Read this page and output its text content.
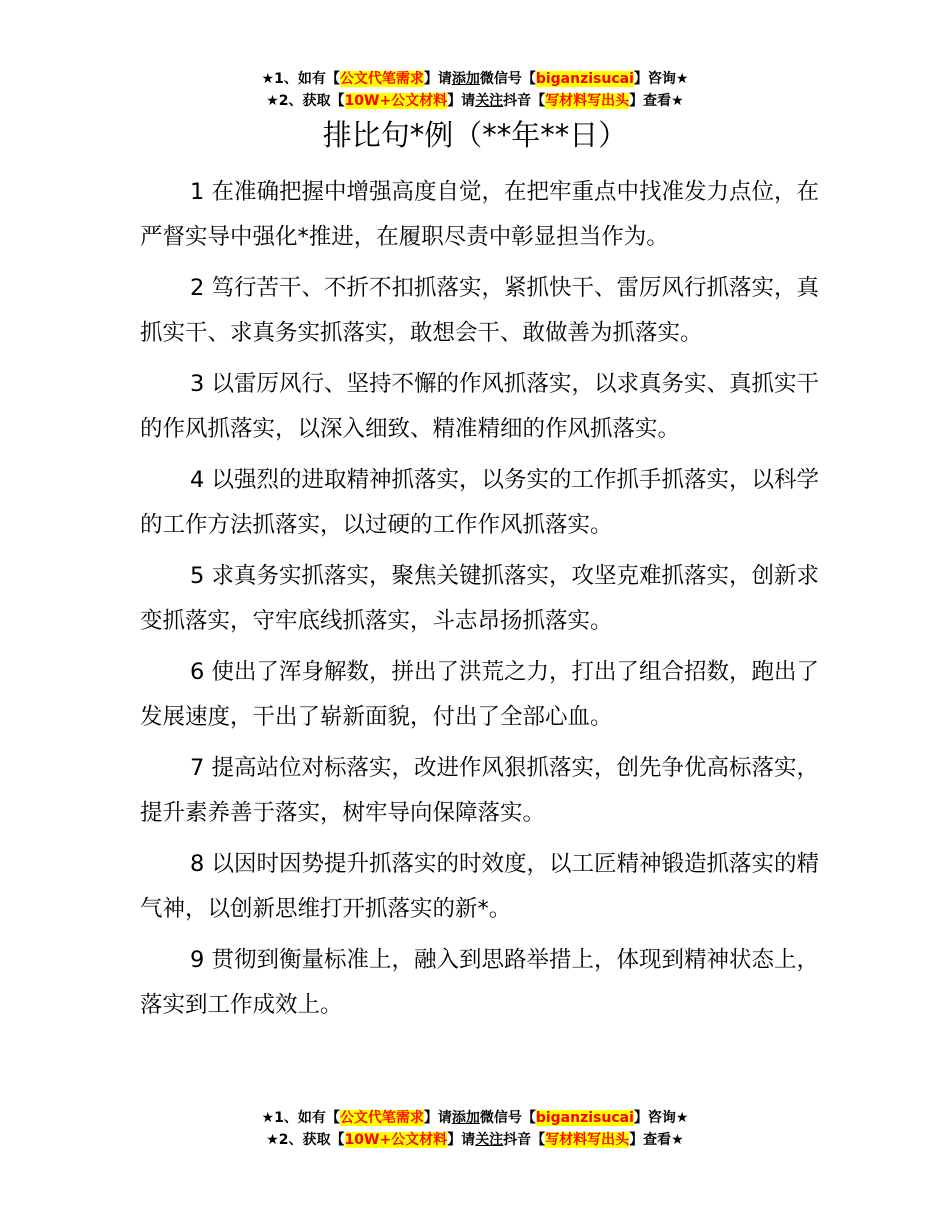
★1、如有【公文代笔需求】请添加微信号【biganzisucai】咨询★
★2、获取【10W+公文材料】请关注抖音【写材料写出头】查看★
排比句*例（**年**日）

1 在准确把握中增强高度自觉，在把牢重点中找准发力点位，在严督实导中强化*推进，在履职尽责中彰显担当作为。

2 笃行苦干、不折不扣抓落实，紧抓快干、雷厉风行抓落实，真抓实干、求真务实抓落实，敢想会干、敢做善为抓落实。

3 以雷厉风行、坚持不懈的作风抓落实，以求真务实、真抓实干的作风抓落实，以深入细致、精准精细的作风抓落实。

4 以强烈的进取精神抓落实，以务实的工作抓手抓落实，以科学的工作方法抓落实，以过硬的工作作风抓落实。

5 求真务实抓落实，聚焦关键抓落实，攻坚克难抓落实，创新求变抓落实，守牢底线抓落实，斗志昂扬抓落实。

6 使出了浑身解数，拼出了洪荒之力，打出了组合招数，跑出了发展速度，干出了崭新面貌，付出了全部心血。

7 提高站位对标落实，改进作风狠抓落实，创先争优高标落实，提升素养善于落实，树牢导向保障落实。

8 以因时因势提升抓落实的时效度，以工匠精神锻造抓落实的精气神，以创新思维打开抓落实的新*。

9 贯彻到衡量标准上，融入到思路举措上，体现到精神状态上，落实到工作成效上。

★1、如有【公文代笔需求】请添加微信号【biganzisucai】咨询★
★2、获取【10W+公文材料】请关注抖音【写材料写出头】查看★
